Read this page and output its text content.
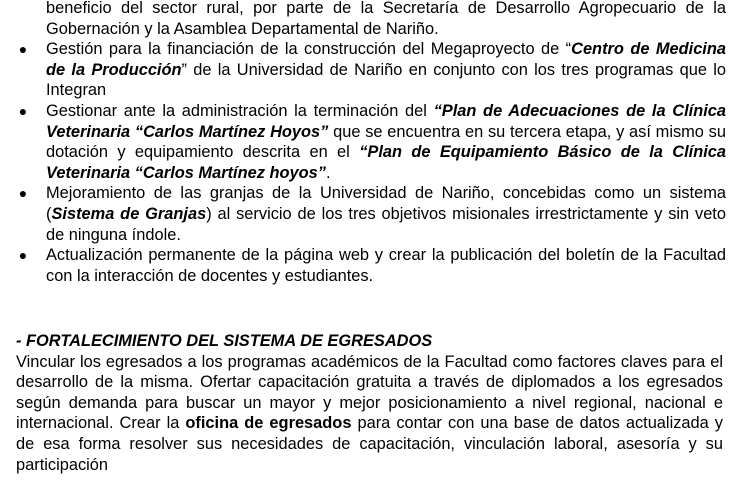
beneficio del sector rural, por parte de la Secretaría de Desarrollo Agropecuario de la Gobernación y la Asamblea Departamental de Nariño.

● Gestión para la financiación de la construcción del Megaproyecto de “Centro de Medicina de la Producción” de la Universidad de Nariño en conjunto con los tres programas que lo Integran

● Gestionar ante la administración la terminación del “Plan de Adecuaciones de la Clínica Veterinaria “Carlos Martínez Hoyos” que se encuentra en su tercera etapa, y así mismo su dotación y equipamiento descrita en el “Plan de Equipamiento Básico de la Clínica Veterinaria “Carlos Martínez hoyos”.

● Mejoramiento de las granjas de la Universidad de Nariño, concebidas como un sistema (Sistema de Granjas) al servicio de los tres objetivos misionales irrestrictamente y sin veto de ninguna índole.

● Actualización permanente de la página web y crear la publicación del boletín de la Facultad con la interacción de docentes y estudiantes.

- FORTALECIMIENTO DEL SISTEMA DE EGRESADOS

Vincular los egresados a los programas académicos de la Facultad como factores claves para el desarrollo de la misma. Ofertar capacitación gratuita a través de diplomados a los egresados según demanda para buscar un mayor y mejor posicionamiento a nivel regional, nacional e internacional. Crear la oficina de egresados para contar con una base de datos actualizada y de esa forma resolver sus necesidades de capacitación, vinculación laboral, asesoría y su participación
